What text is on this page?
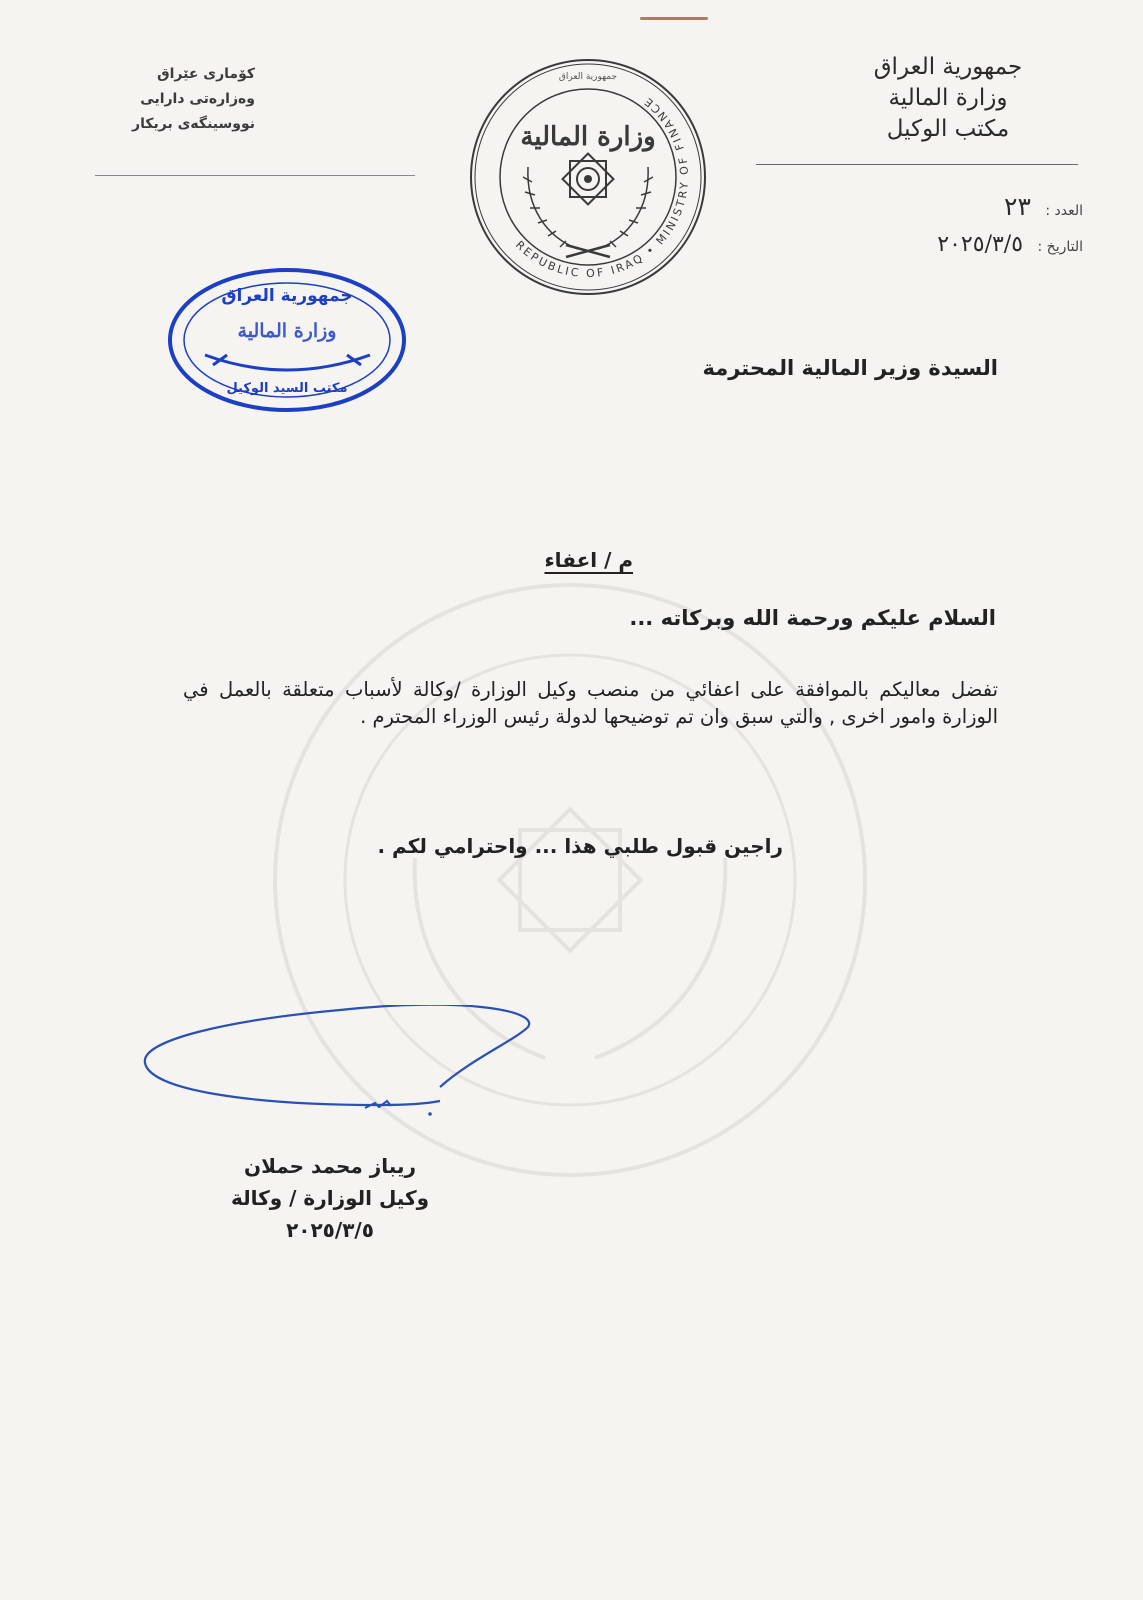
جمهورية العراق
وزارة المالية
مكتب الوكيل
كۆماری عێراق
وەزارەتی دارایی
نووسینگەی بریكار
REPUBLIC OF IRAQ • MINISTRY OF FINANCE
جمهورية العراق
وزارة المالية
جمهورية العراق
وزارة المالية
مكتب السيد الوكيل
العدد : ٢٣
التاريخ : ٢٠٢٥/٣/٥
السيدة وزير المالية المحترمة
م / اعفاء
السلام عليكم ورحمة الله وبركاته ...
تفضل معاليكم بالموافقة على اعفائي من منصب وكيل الوزارة /وكالة لأسباب متعلقة بالعمل في الوزارة وامور اخرى , والتي سبق وان تم توضيحها لدولة رئيس الوزراء المحترم .
راجين قبول طلبي هذا ... واحترامي لكم .
ريباز محمد حملان
وكيل الوزارة / وكالة
٢٠٢٥/٣/٥
